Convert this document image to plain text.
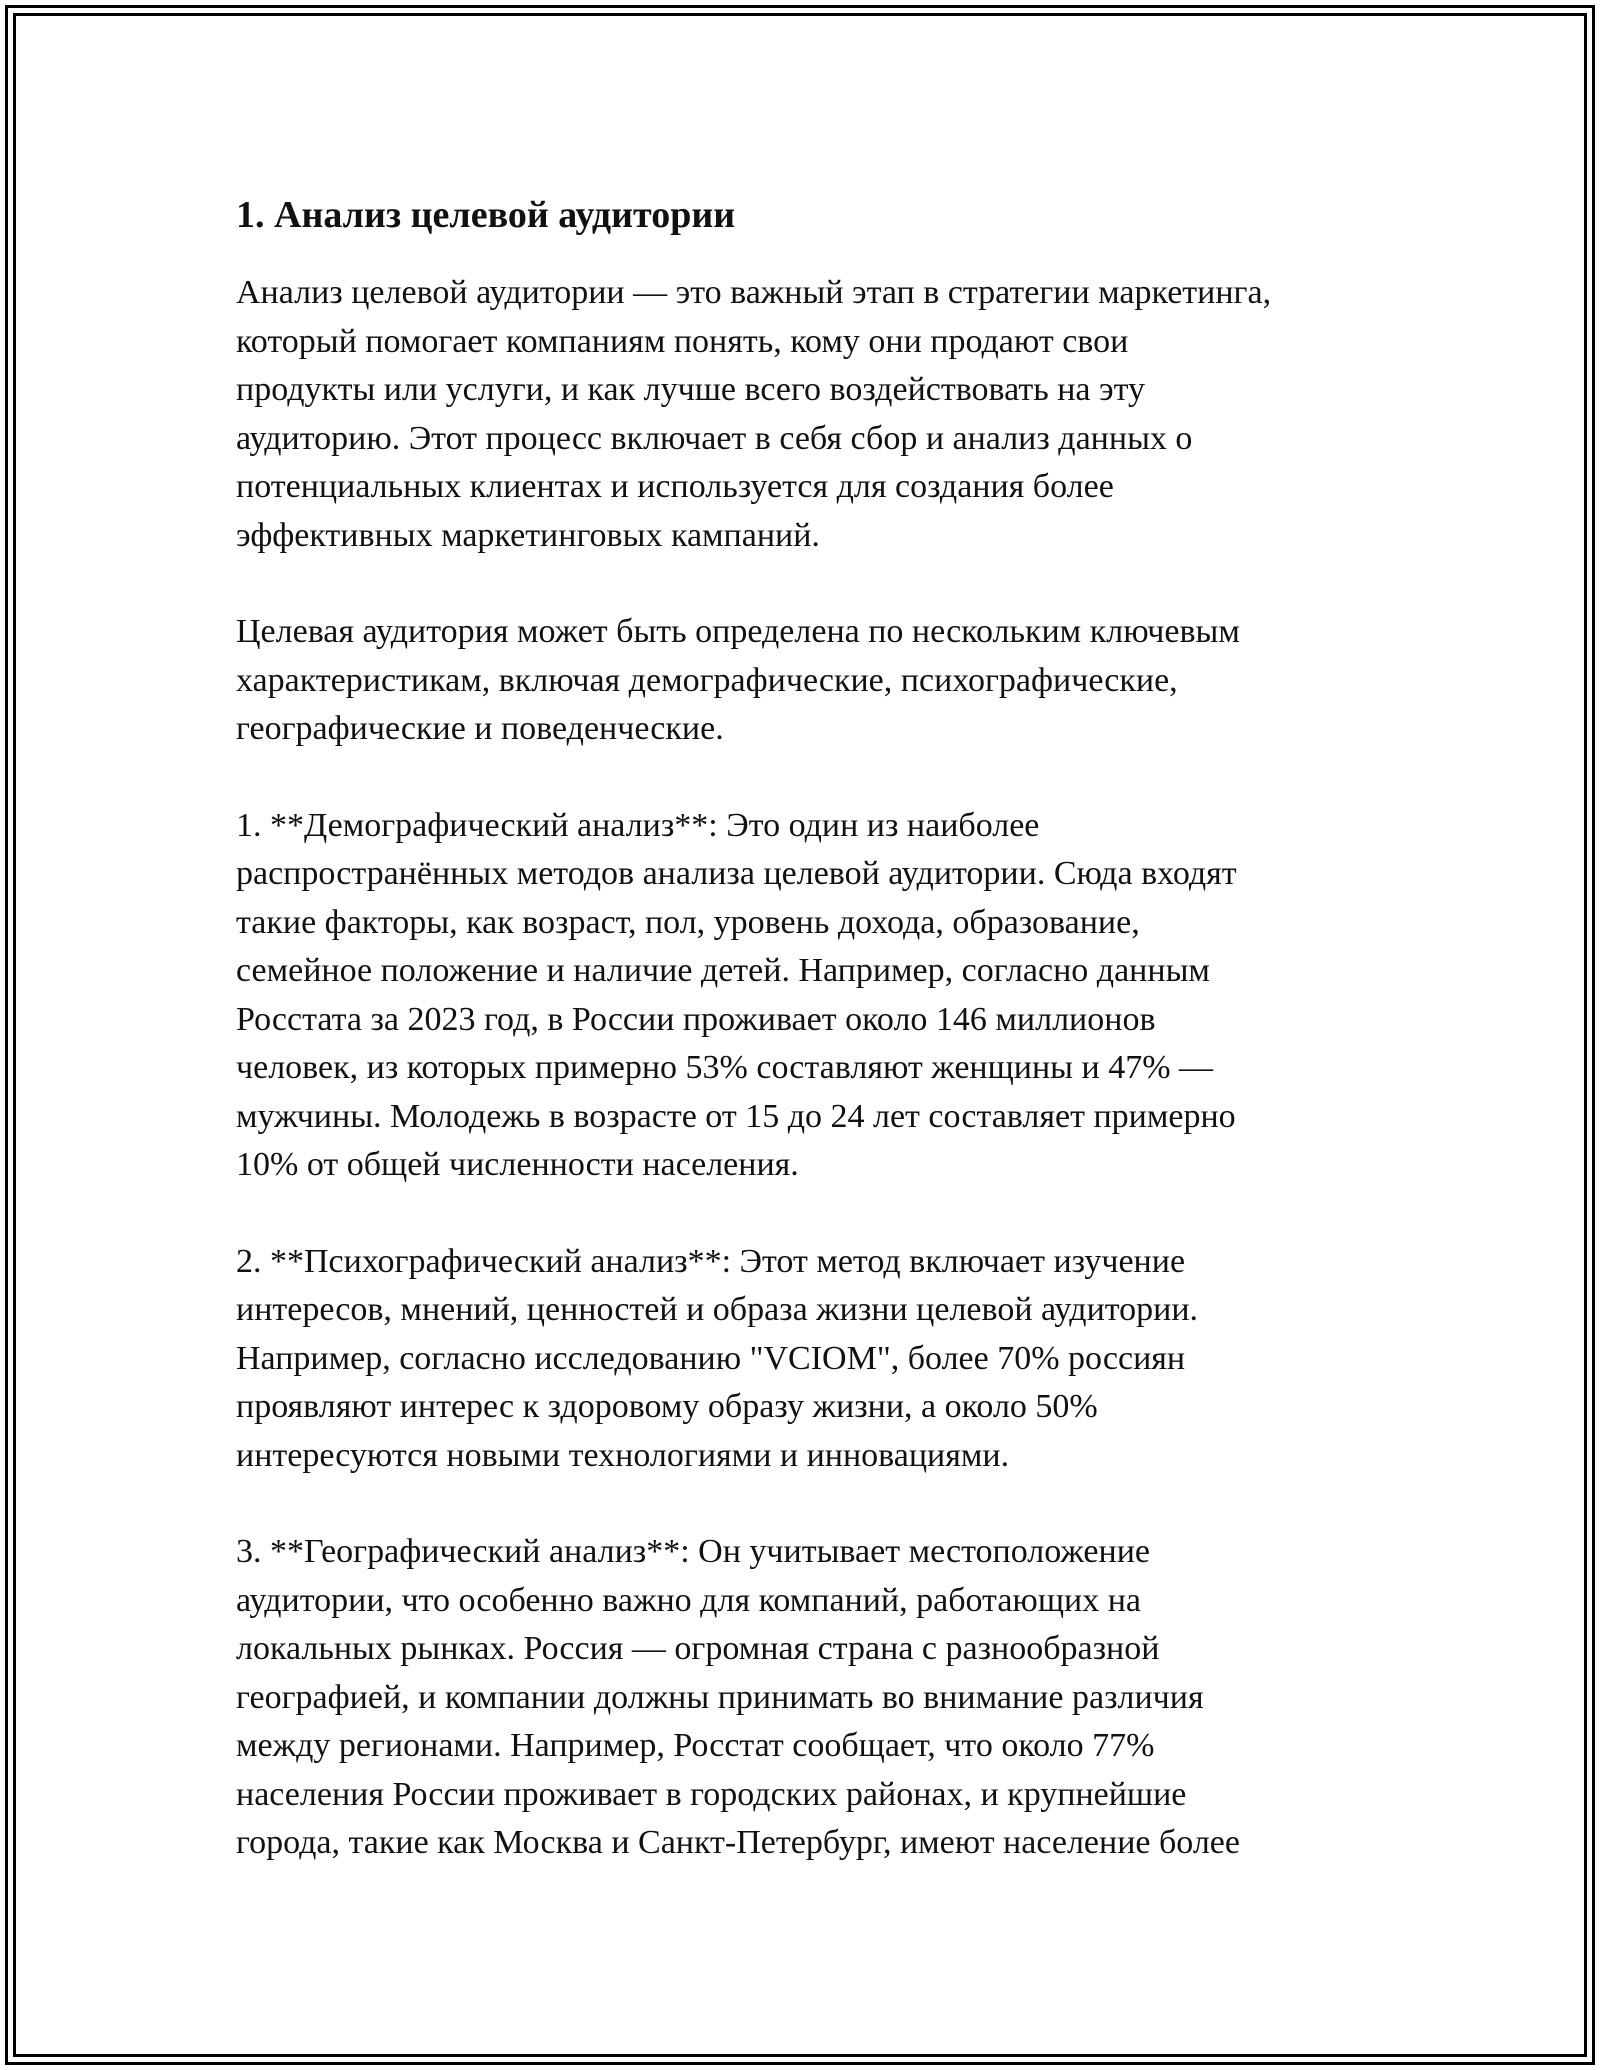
1. Анализ целевой аудитории

Анализ целевой аудитории — это важный этап в стратегии маркетинга,
который помогает компаниям понять, кому они продают свои
продукты или услуги, и как лучше всего воздействовать на эту
аудиторию. Этот процесс включает в себя сбор и анализ данных о
потенциальных клиентах и используется для создания более
эффективных маркетинговых кампаний.

Целевая аудитория может быть определена по нескольким ключевым
характеристикам, включая демографические, психографические,
географические и поведенческие.

1. **Демографический анализ**: Это один из наиболее
распространённых методов анализа целевой аудитории. Сюда входят
такие факторы, как возраст, пол, уровень дохода, образование,
семейное положение и наличие детей. Например, согласно данным
Росстата за 2023 год, в России проживает около 146 миллионов
человек, из которых примерно 53% составляют женщины и 47% —
мужчины. Молодежь в возрасте от 15 до 24 лет составляет примерно
10% от общей численности населения.

2. **Психографический анализ**: Этот метод включает изучение
интересов, мнений, ценностей и образа жизни целевой аудитории.
Например, согласно исследованию "VCIOM", более 70% россиян
проявляют интерес к здоровому образу жизни, а около 50%
интересуются новыми технологиями и инновациями.

3. **Географический анализ**: Он учитывает местоположение
аудитории, что особенно важно для компаний, работающих на
локальных рынках. Россия — огромная страна с разнообразной
географией, и компании должны принимать во внимание различия
между регионами. Например, Росстат сообщает, что около 77%
населения России проживает в городских районах, и крупнейшие
города, такие как Москва и Санкт-Петербург, имеют население более
